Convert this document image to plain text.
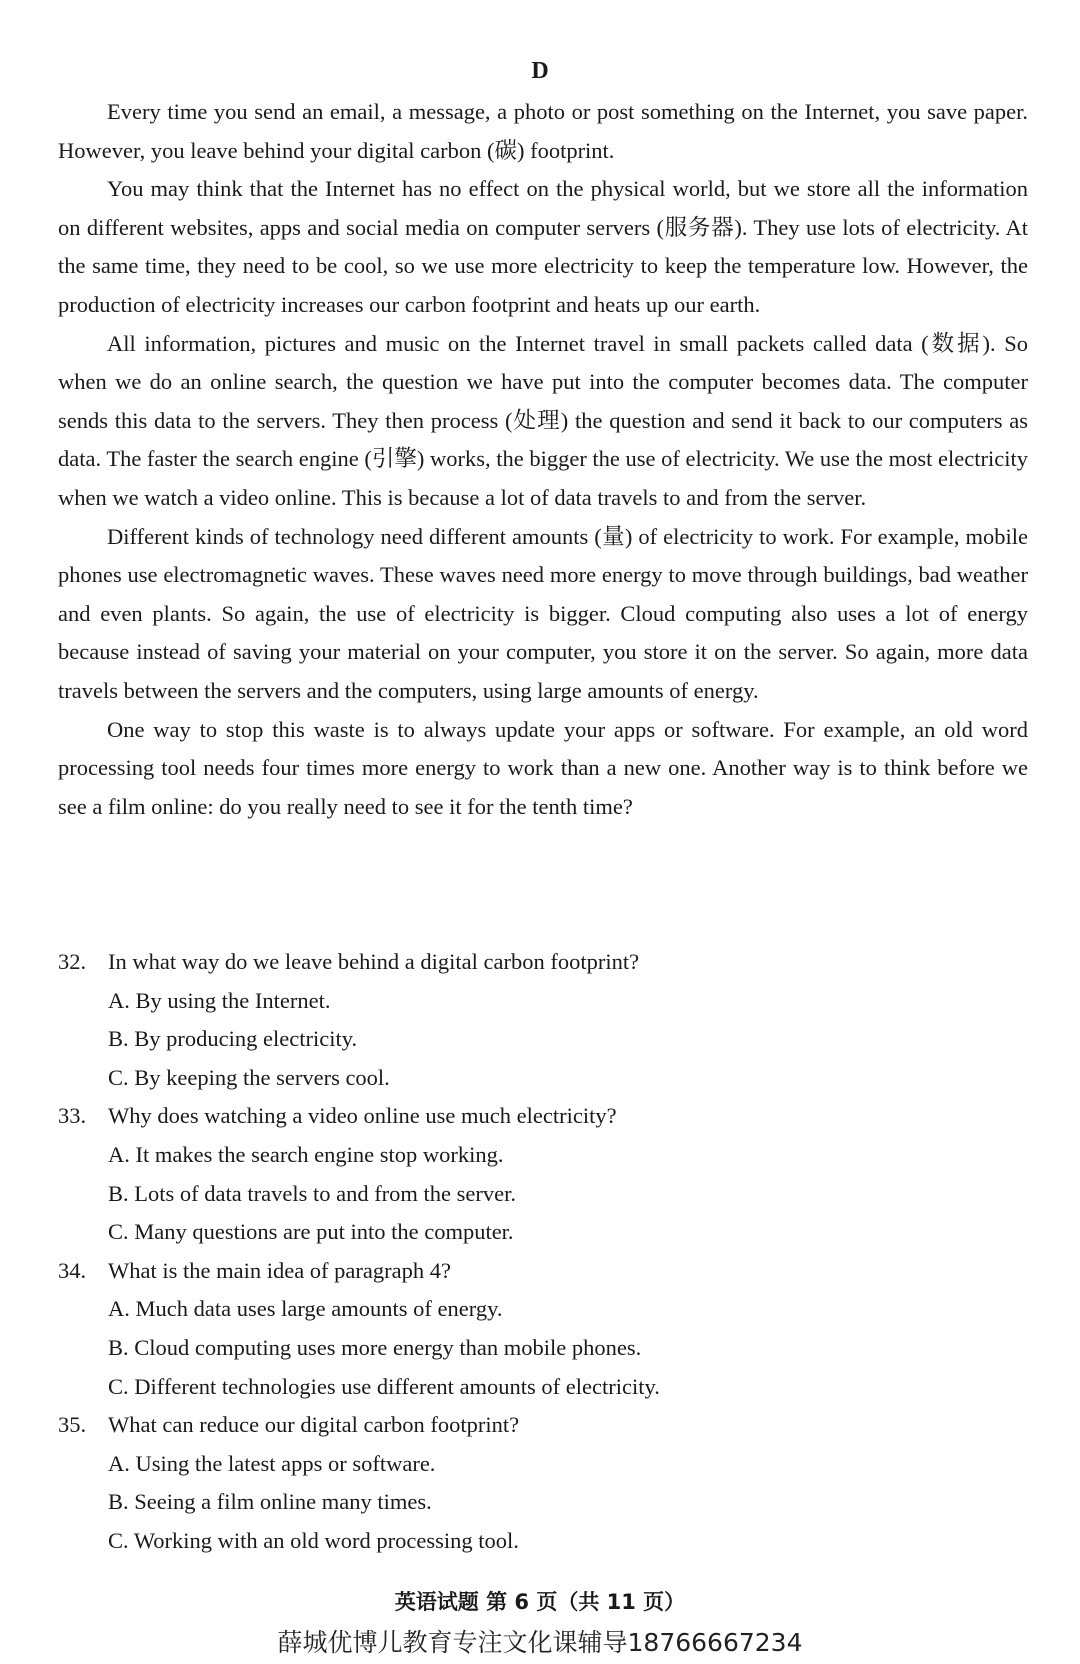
D

Every time you send an email, a message, a photo or post something on the Internet, you save paper. However, you leave behind your digital carbon (碳) footprint.

You may think that the Internet has no effect on the physical world, but we store all the information on different websites, apps and social media on computer servers (服务器). They use lots of electricity. At the same time, they need to be cool, so we use more electricity to keep the temperature low. However, the production of electricity increases our carbon footprint and heats up our earth.

All information, pictures and music on the Internet travel in small packets called data (数据). So when we do an online search, the question we have put into the computer becomes data. The computer sends this data to the servers. They then process (处理) the question and send it back to our computers as data. The faster the search engine (引擎) works, the bigger the use of electricity. We use the most electricity when we watch a video online. This is because a lot of data travels to and from the server.

Different kinds of technology need different amounts (量) of electricity to work. For example, mobile phones use electromagnetic waves. These waves need more energy to move through buildings, bad weather and even plants. So again, the use of electricity is bigger. Cloud computing also uses a lot of energy because instead of saving your material on your computer, you store it on the server. So again, more data travels between the servers and the computers, using large amounts of energy.

One way to stop this waste is to always update your apps or software. For example, an old word processing tool needs four times more energy to work than a new one. Another way is to think before we see a film online: do you really need to see it for the tenth time?

32. In what way do we leave behind a digital carbon footprint?
A. By using the Internet.
B. By producing electricity.
C. By keeping the servers cool.
33. Why does watching a video online use much electricity?
A. It makes the search engine stop working.
B. Lots of data travels to and from the server.
C. Many questions are put into the computer.
34. What is the main idea of paragraph 4?
A. Much data uses large amounts of energy.
B. Cloud computing uses more energy than mobile phones.
C. Different technologies use different amounts of electricity.
35. What can reduce our digital carbon footprint?
A. Using the latest apps or software.
B. Seeing a film online many times.
C. Working with an old word processing tool.
英语试题 第 6 页（共 11 页）
薛城优博儿教育专注文化课辅导18766667234
